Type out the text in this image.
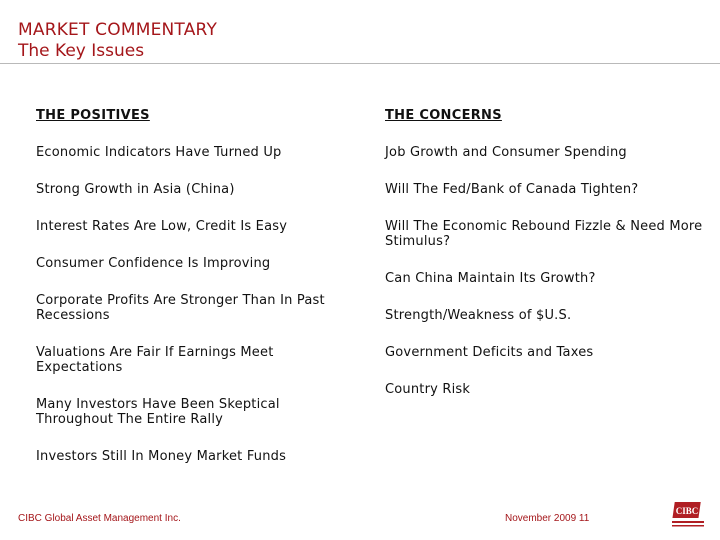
MARKET COMMENTARY
The Key Issues
THE POSITIVES
Economic Indicators Have Turned Up
Strong Growth in Asia (China)
Interest Rates Are Low, Credit Is Easy
Consumer Confidence Is Improving
Corporate Profits Are Stronger Than In Past Recessions
Valuations Are Fair If Earnings Meet Expectations
Many Investors Have Been Skeptical Throughout The Entire Rally
Investors Still In Money Market Funds
THE CONCERNS
Job Growth and Consumer Spending
Will The Fed/Bank of Canada Tighten?
Will The Economic Rebound Fizzle & Need More Stimulus?
Can China Maintain Its Growth?
Strength/Weakness of $U.S.
Government Deficits and Taxes
Country Risk
CIBC Global Asset Management Inc.	November 2009 11
CIBC
